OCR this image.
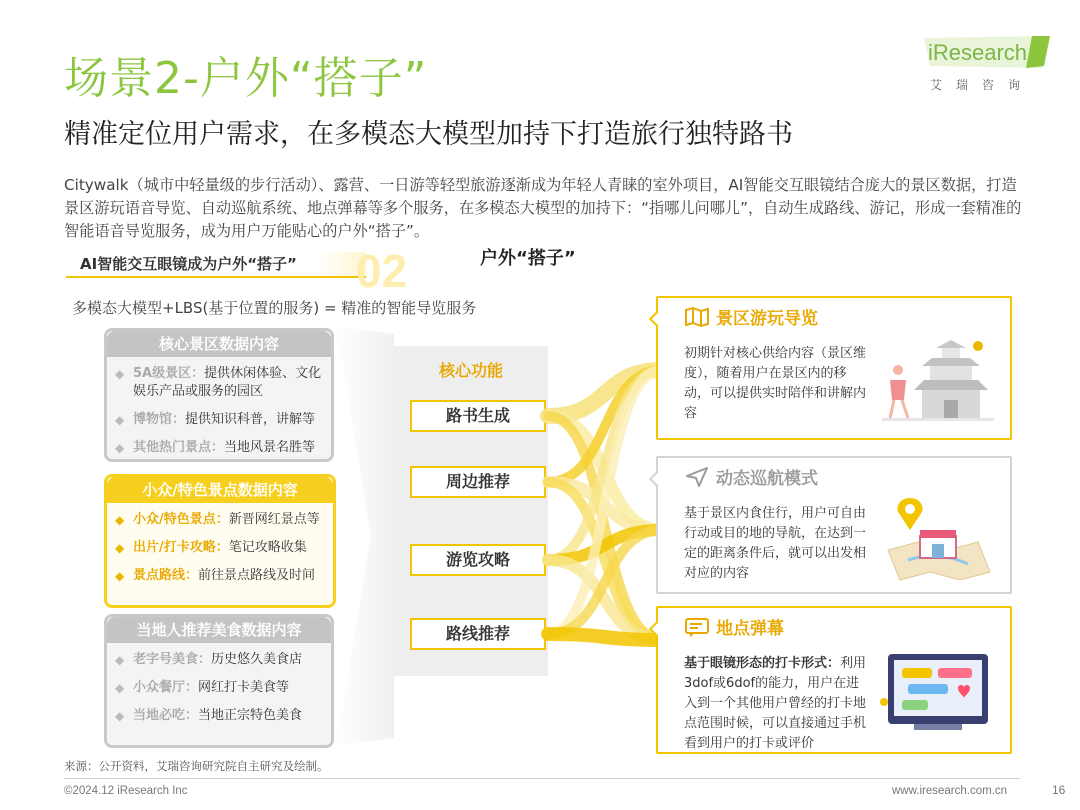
场景2-户外“搭子”
精准定位用户需求，在多模态大模型加持下打造旅行独特路书
iResearch
艾瑞咨询
Citywalk（城市中轻量级的步行活动）、露营、一日游等轻型旅游逐渐成为年轻人青睐的室外项目，AI智能交互眼镜结合庞大的景区数据，打造景区游玩语音导览、自动巡航系统、地点弹幕等多个服务，在多模态大模型的加持下：“指哪儿问哪儿”，自动生成路线、游记，形成一套精准的智能语音导览服务，成为用户万能贴心的户外“搭子”。
AI智能交互眼镜成为户外“搭子”	02	户外“搭子”
多模态大模型+LBS(基于位置的服务) = 精准的智能导览服务
核心景区数据内容
◆ 5A级景区：提供休闲体验、文化娱乐产品或服务的园区
◆ 博物馆：提供知识科普，讲解等
◆ 其他热门景点：当地风景名胜等
小众/特色景点数据内容
◆ 小众/特色景点：新晋网红景点等
◆ 出片/打卡攻略：笔记攻略收集
◆ 景点路线：前往景点路线及时间
当地人推荐美食数据内容
◆ 老字号美食：历史悠久美食店
◆ 小众餐厅：网红打卡美食等
◆ 当地必吃：当地正宗特色美食
核心功能
路书生成
周边推荐
游览攻略
路线推荐
景区游玩导览
初期针对核心供给内容（景区维度），随着用户在景区内的移动，可以提供实时陪伴和讲解内容
动态巡航模式
基于景区内食住行，用户可自由行动或目的地的导航，在达到一定的距离条件后，就可以出发相对应的内容
地点弹幕
基于眼镜形态的打卡形式：利用3dof或6dof的能力，用户在进入到一个其他用户曾经的打卡地点范围时候，可以直接通过手机看到用户的打卡或评价
来源：公开资料，艾瑞咨询研究院自主研究及绘制。
©2024.12 iResearch Inc	www.iresearch.com.cn	16
